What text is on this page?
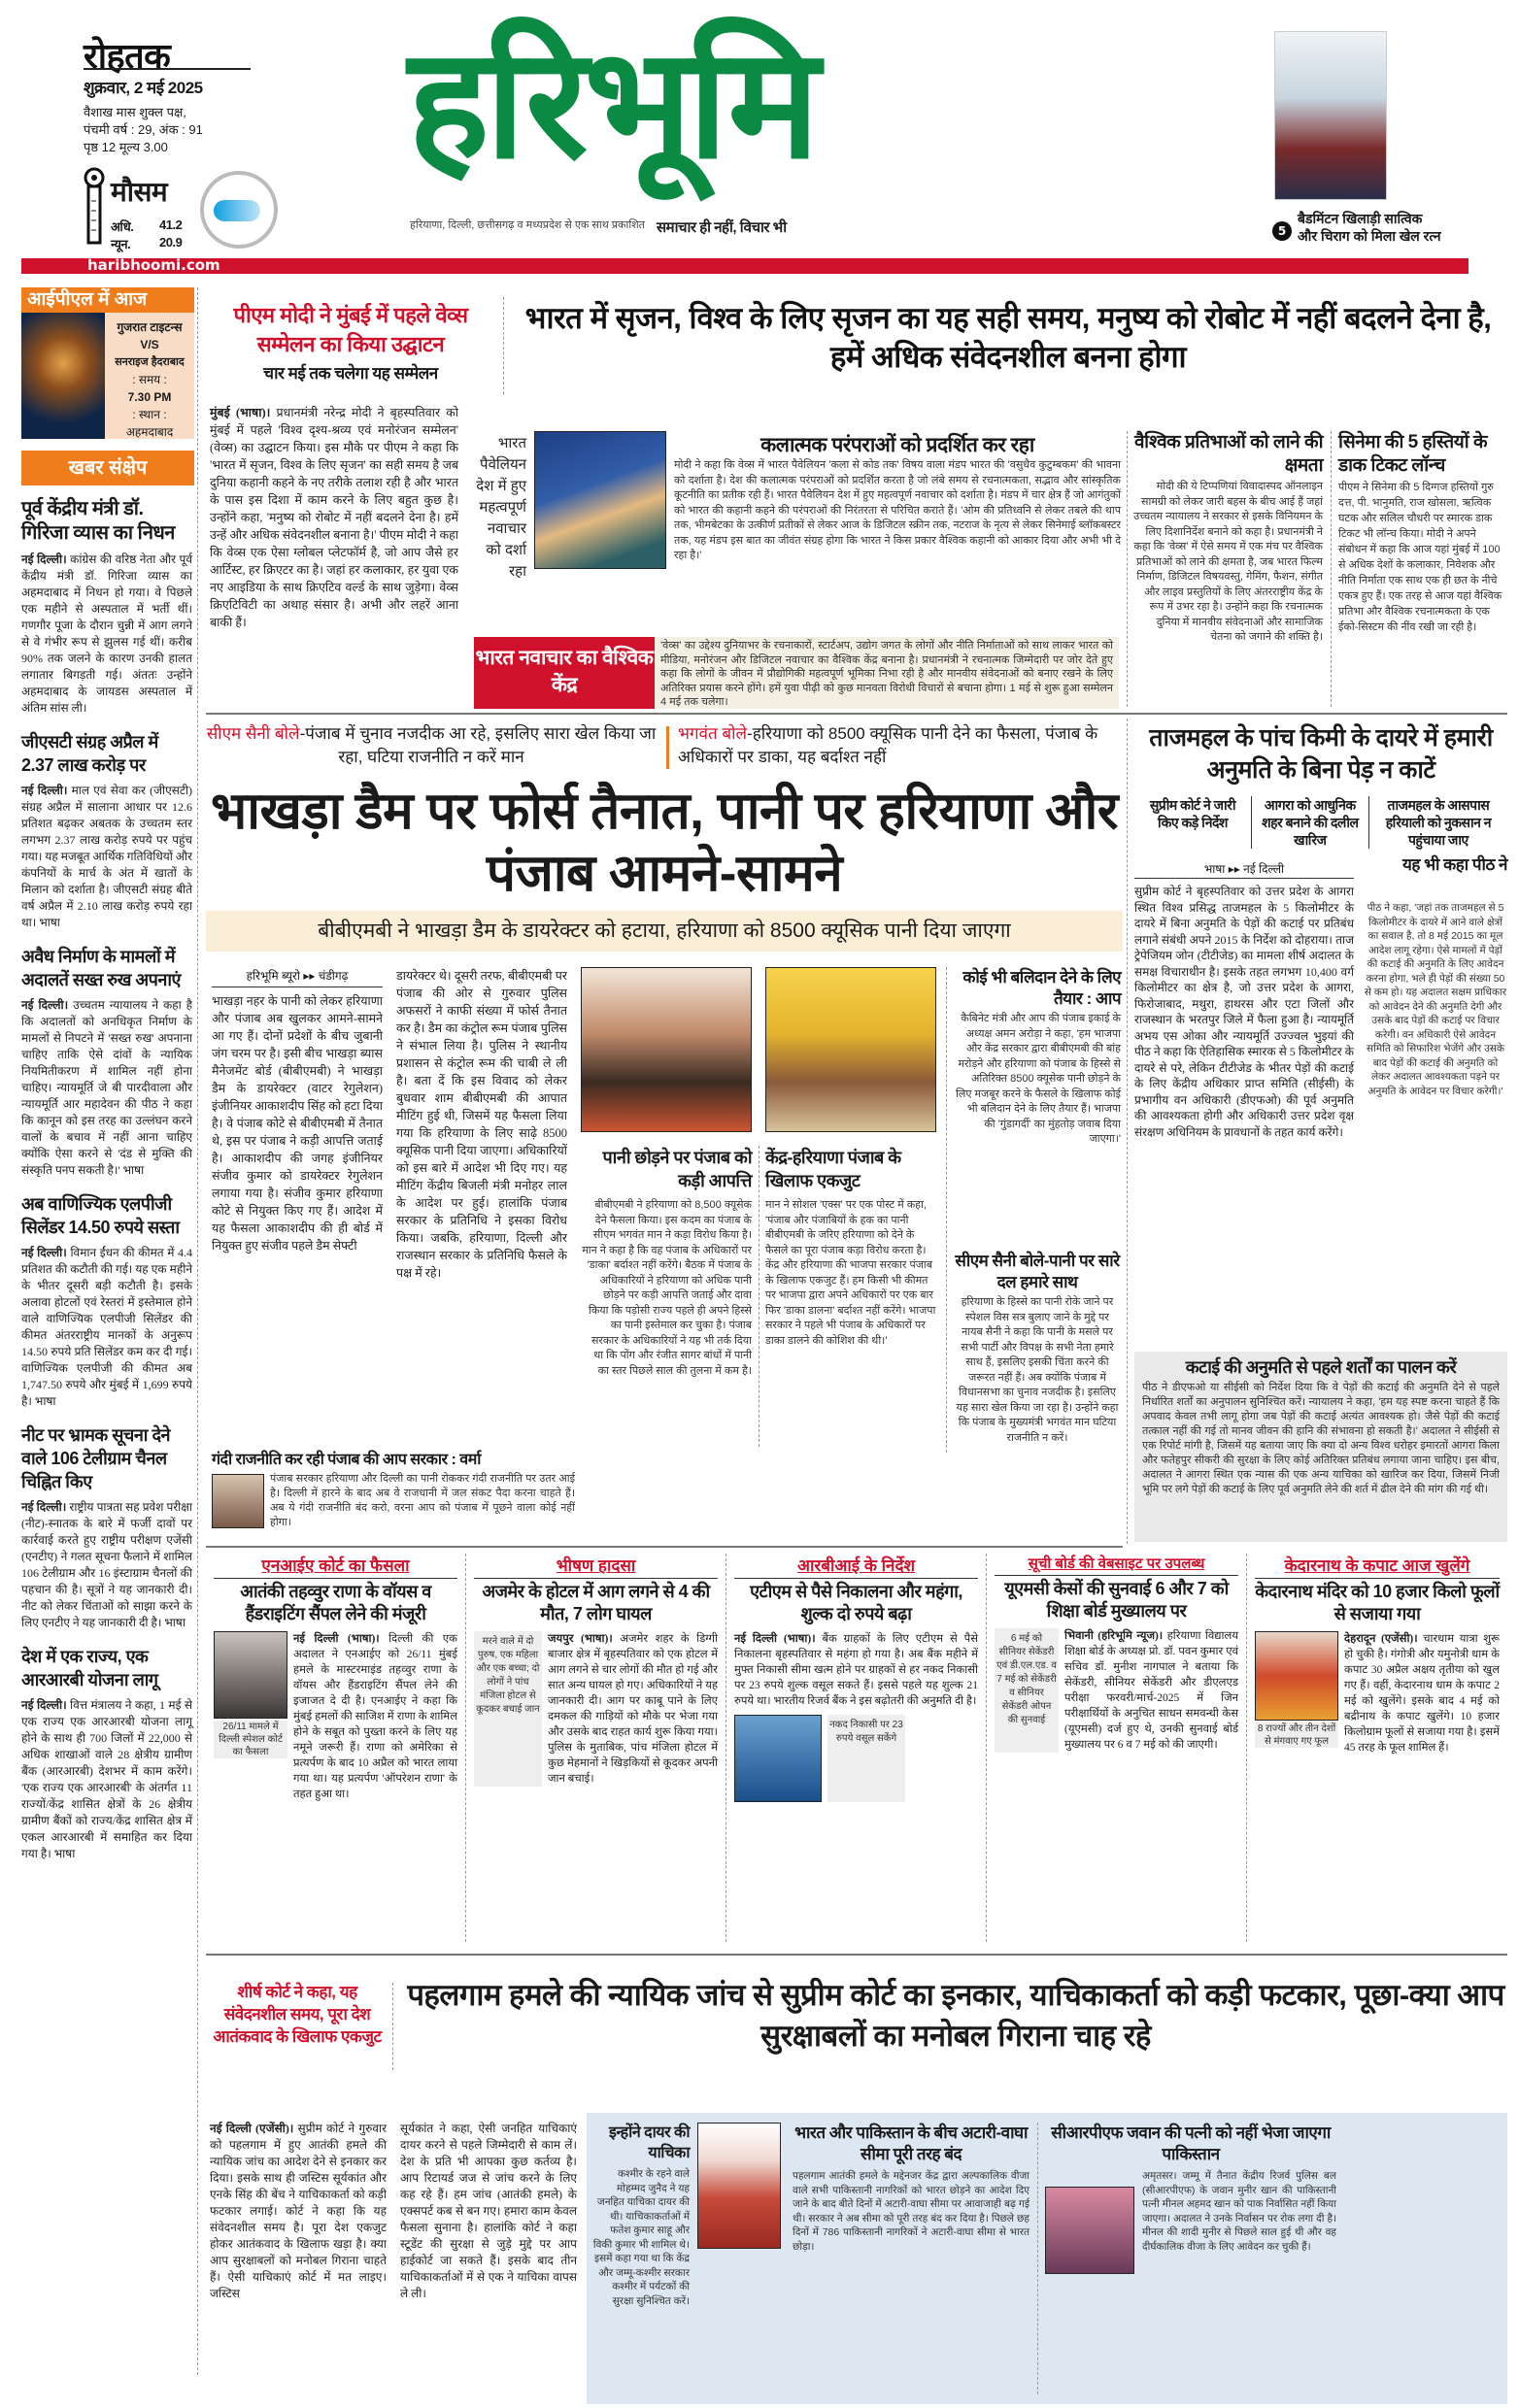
रोहतक
शुक्रवार, 2 मई 2025
वैशाख मास शुक्ल पक्ष,
पंचमी वर्ष : 29, अंक : 91
पृष्ठ 12 मूल्य 3.00
मौसम
अधि. 41.2
न्यून. 20.9
haribhoomi.com
हरिभूमि
हरियाणा, दिल्ली, छत्तीसगढ़ व मध्यप्रदेश से एक साथ प्रकाशित समाचार ही नहीं, विचार भी	5
बैडमिंटन खिलाड़ी सात्विक और चिराग को मिला खेल रत्न
आईपीएल में आज
गुजरात टाइटन्स
V/S
सनराइज हैदराबाद
: समय :
7.30 PM
: स्थान :
अहमदाबाद
खबर संक्षेप
पूर्व केंद्रीय मंत्री डॉ. गिरिजा व्यास का निधन
नई दिल्ली। कांग्रेस की वरिष्ठ नेता और पूर्व केंद्रीय मंत्री डॉ. गिरिजा व्यास का अहमदाबाद में निधन हो गया। वे पिछले एक महीने से अस्पताल में भर्ती थीं। गणगौर पूजा के दौरान चुन्नी में आग लगने से वे गंभीर रूप से झुलस गई थीं। करीब 90% तक जलने के कारण उनकी हालत लगातार बिगड़ती गई। अंततः उन्होंने अहमदाबाद के जायडस अस्पताल में अंतिम सांस ली।
जीएसटी संग्रह अप्रैल में 2.37 लाख करोड़ पर
नई दिल्ली। माल एवं सेवा कर (जीएसटी) संग्रह अप्रैल में सालाना आधार पर 12.6 प्रतिशत बढ़कर अबतक के उच्चतम स्तर लगभग 2.37 लाख करोड़ रुपये पर पहुंच गया। यह मजबूत आर्थिक गतिविधियों और कंपनियों के मार्च के अंत में खातों के मिलान को दर्शाता है। जीएसटी संग्रह बीते वर्ष अप्रैल में 2.10 लाख करोड़ रुपये रहा था। भाषा
अवैध निर्माण के मामलों में अदालतें सख्त रुख अपनाएं
नई दिल्ली। उच्चतम न्यायालय ने कहा है कि अदालतों को अनधिकृत निर्माण के मामलों से निपटने में 'सख्त रुख' अपनाना चाहिए ताकि ऐसे दांवों के न्यायिक नियमितीकरण में शामिल नहीं होना चाहिए। न्यायमूर्ति जे बी पारदीवाला और न्यायमूर्ति आर महादेवन की पीठ ने कहा कि कानून को इस तरह का उल्लंघन करने वालों के बचाव में नहीं आना चाहिए क्योंकि ऐसा करने से 'दंड से मुक्ति की संस्कृति पनप सकती है।' भाषा
अब वाणिज्यिक एलपीजी सिलेंडर 14.50 रुपये सस्ता
नई दिल्ली। विमान ईंधन की कीमत में 4.4 प्रतिशत की कटौती की गई। यह एक महीने के भीतर दूसरी बड़ी कटौती है। इसके अलावा होटलों एवं रेस्तरां में इस्तेमाल होने वाले वाणिज्यिक एलपीजी सिलेंडर की कीमत अंतरराष्ट्रीय मानकों के अनुरूप 14.50 रुपये प्रति सिलेंडर कम कर दी गई। वाणिज्यिक एलपीजी की कीमत अब 1,747.50 रुपये और मुंबई में 1,699 रुपये है। भाषा
नीट पर भ्रामक सूचना देने वाले 106 टेलीग्राम चैनल चिह्नित किए
नई दिल्ली। राष्ट्रीय पात्रता सह प्रवेश परीक्षा (नीट)-स्नातक के बारे में फर्जी दावों पर कार्रवाई करते हुए राष्ट्रीय परीक्षण एजेंसी (एनटीए) ने गलत सूचना फैलाने में शामिल 106 टेलीग्राम और 16 इंस्टाग्राम चैनलों की पहचान की है। सूत्रों ने यह जानकारी दी। नीट को लेकर चिंताओं को साझा करने के लिए एनटीए ने यह जानकारी दी है। भाषा
देश में एक राज्य, एक आरआरबी योजना लागू
नई दिल्ली। वित्त मंत्रालय ने कहा, 1 मई से एक राज्य एक आरआरबी योजना लागू होने के साथ ही 700 जिलों में 22,000 से अधिक शाखाओं वाले 28 क्षेत्रीय ग्रामीण बैंक (आरआरबी) देशभर में काम करेंगे। 'एक राज्य एक आरआरबी' के अंतर्गत 11 राज्यों/केंद्र शासित क्षेत्रों के 26 क्षेत्रीय ग्रामीण बैंकों को राज्य/केंद्र शासित क्षेत्र में एकल आरआरबी में समाहित कर दिया गया है। भाषा
पीएम मोदी ने मुंबई में पहले वेव्स सम्मेलन का किया उद्घाटन
चार मई तक चलेगा यह सम्मेलन
मुंबई (भाषा)। प्रधानमंत्री नरेन्द्र मोदी ने बृहस्पतिवार को मुंबई में पहले 'विश्व दृश्य-श्रव्य एवं मनोरंजन सम्मेलन' (वेव्स) का उद्घाटन किया। इस मौके पर पीएम ने कहा कि 'भारत में सृजन, विश्व के लिए सृजन' का सही समय है जब दुनिया कहानी कहने के नए तरीके तलाश रही है और भारत के पास इस दिशा में काम करने के लिए बहुत कुछ है। उन्होंने कहा, 'मनुष्य को रोबोट में नहीं बदलने देना है। हमें उन्हें और अधिक संवेदनशील बनाना है।' पीएम मोदी ने कहा कि वेव्स एक ऐसा ग्लोबल प्लेटफॉर्म है, जो आप जैसे हर आर्टिस्ट, हर क्रिएटर का है। जहां हर कलाकार, हर युवा एक नए आइडिया के साथ क्रिएटिव वर्ल्ड के साथ जुड़ेगा। वेव्स क्रिएटिविटी का अथाह संसार है। अभी और लहरें आना बाकी हैं।
भारत में सृजन, विश्व के लिए सृजन का यह सही समय, मनुष्य को रोबोट में नहीं बदलने देना है, हमें अधिक संवेदनशील बनना होगा
भारत पैवेलियन देश में हुए महत्वपूर्ण नवाचार को दर्शा रहा
कलात्मक परंपराओं को प्रदर्शित कर रहा
मोदी ने कहा कि वेव्स में भारत पैवेलियन 'कला से कोड तक' विषय वाला मंडप भारत की 'वसुधैव कुटुम्बकम' की भावना को दर्शाता है। देश की कलात्मक परंपराओं को प्रदर्शित करता है जो लंबे समय से रचनात्मकता, सद्भाव और सांस्कृतिक कूटनीति का प्रतीक रही हैं। भारत पैवेलियन देश में हुए महत्वपूर्ण नवाचार को दर्शाता है। मंडप में चार क्षेत्र हैं जो आगंतुकों को भारत की कहानी कहने की परंपराओं की निरंतरता से परिचित कराते हैं। 'ओम की प्रतिध्वनि से लेकर तबले की थाप तक, भीमबेटका के उत्कीर्ण प्रतीकों से लेकर आज के डिजिटल स्क्रीन तक, नटराज के नृत्य से लेकर सिनेमाई ब्लॉकबस्टर तक, यह मंडप इस बात का जीवंत संग्रह होगा कि भारत ने किस प्रकार वैश्विक कहानी को आकार दिया और अभी भी दे रहा है।'
भारत नवाचार का वैश्विक केंद्र
'वेव्स' का उद्देश्य दुनियाभर के रचनाकारों, स्टार्टअप, उद्योग जगत के लोगों और नीति निर्माताओं को साथ लाकर भारत को मीडिया, मनोरंजन और डिजिटल नवाचार का वैश्विक केंद्र बनाना है। प्रधानमंत्री ने रचनात्मक जिम्मेदारी पर जोर देते हुए कहा कि लोगों के जीवन में प्रौद्योगिकी महत्वपूर्ण भूमिका निभा रही है और मानवीय संवेदनाओं को बनाए रखने के लिए अतिरिक्त प्रयास करने होंगे। हमें युवा पीढ़ी को कुछ मानवता विरोधी विचारों से बचाना होगा। 1 मई से शुरू हुआ सम्मेलन 4 मई तक चलेगा।
वैश्विक प्रतिभाओं को लाने की क्षमता
मोदी की ये टिप्पणियां विवादास्पद ऑनलाइन सामग्री को लेकर जारी बहस के बीच आई हैं जहां उच्चतम न्यायालय ने सरकार से इसके विनियमन के लिए दिशानिर्देश बनाने को कहा है। प्रधानमंत्री ने कहा कि 'वेव्स' में ऐसे समय में एक मंच पर वैश्विक प्रतिभाओं को लाने की क्षमता है, जब भारत फिल्म निर्माण, डिजिटल विषयवस्तु, गेमिंग, फैशन, संगीत और लाइव प्रस्तुतियों के लिए अंतरराष्ट्रीय केंद्र के रूप में उभर रहा है। उन्होंने कहा कि रचनात्मक दुनिया में मानवीय संवेदनाओं और सामाजिक चेतना को जगाने की शक्ति है।
सिनेमा की 5 हस्तियों के डाक टिकट लॉन्च
पीएम ने सिनेमा की 5 दिग्गज हस्तियों गुरु दत्त, पी. भानुमति, राज खोसला, ऋत्विक घटक और सलिल चौधरी पर स्मारक डाक टिकट भी लॉन्च किया। मोदी ने अपने संबोधन में कहा कि आज यहां मुंबई में 100 से अधिक देशों के कलाकार, निवेशक और नीति निर्माता एक साथ एक ही छत के नीचे एकत्र हुए हैं। एक तरह से आज यहां वैश्विक प्रतिभा और वैश्विक रचनात्मकता के एक ईको-सिस्टम की नींव रखी जा रही है।
सीएम सैनी बोले-पंजाब में चुनाव नजदीक आ रहे, इसलिए सारा खेल किया जा रहा, घटिया राजनीति न करें मान
भगवंत बोले-हरियाणा को 8500 क्यूसिक पानी देने का फैसला, पंजाब के अधिकारों पर डाका, यह बर्दाश्त नहीं
भाखड़ा डैम पर फोर्स तैनात, पानी पर हरियाणा और पंजाब आमने-सामने
बीबीएमबी ने भाखड़ा डैम के डायरेक्टर को हटाया, हरियाणा को 8500 क्यूसिक पानी दिया जाएगा
हरिभूमि ब्यूरो ▸▸ चंडीगढ़
भाखड़ा नहर के पानी को लेकर हरियाणा और पंजाब अब खुलकर आमने-सामने आ गए हैं। दोनों प्रदेशों के बीच जुबानी जंग चरम पर है। इसी बीच भाखड़ा ब्यास मैनेजमेंट बोर्ड (बीबीएमबी) ने भाखड़ा डैम के डायरेक्टर (वाटर रेगुलेशन) इंजीनियर आकाशदीप सिंह को हटा दिया है। वे पंजाब कोटे से बीबीएमबी में तैनात थे, इस पर पंजाब ने कड़ी आपत्ति जताई है। आकाशदीप की जगह इंजीनियर संजीव कुमार को डायरेक्टर रेगुलेशन लगाया गया है। संजीव कुमार हरियाणा कोटे से नियुक्त किए गए हैं। आदेश में यह फैसला आकाशदीप की ही बोर्ड में नियुक्त हुए संजीव पहले डैम सेफ्टी
डायरेक्टर थे। दूसरी तरफ, बीबीएमबी पर पंजाब की ओर से गुरुवार पुलिस अफसरों ने काफी संख्या में फोर्स तैनात कर है। डैम का कंट्रोल रूम पंजाब पुलिस ने संभाल लिया है। पुलिस ने स्थानीय प्रशासन से कंट्रोल रूम की चाबी ले ली है। बता दें कि इस विवाद को लेकर बुधवार शाम बीबीएमबी की आपात मीटिंग हुई थी, जिसमें यह फैसला लिया गया कि हरियाणा के लिए साढ़े 8500 क्यूसिक पानी दिया जाएगा। अधिकारियों को इस बारे में आदेश भी दिए गए। यह मीटिंग केंद्रीय बिजली मंत्री मनोहर लाल के आदेश पर हुई। हालांकि पंजाब सरकार के प्रतिनिधि ने इसका विरोध किया। जबकि, हरियाणा, दिल्ली और राजस्थान सरकार के प्रतिनिधि फैसले के पक्ष में रहे।
पानी छोड़ने पर पंजाब को कड़ी आपत्ति
बीबीएमबी ने हरियाणा को 8,500 क्यूसेक देने फैसला किया। इस कदम का पंजाब के सीएम भगवंत मान ने कड़ा विरोध किया है। मान ने कहा है कि वह पंजाब के अधिकारों पर 'डाका' बर्दाश्त नहीं करेंगे। बैठक में पंजाब के अधिकारियों ने हरियाणा को अधिक पानी छोड़ने पर कड़ी आपत्ति जताई और दावा किया कि पड़ोसी राज्य पहले ही अपने हिस्से का पानी इस्तेमाल कर चुका है। पंजाब सरकार के अधिकारियों ने यह भी तर्क दिया था कि पोंग और रंजीत सागर बांधों में पानी का स्तर पिछले साल की तुलना में कम है।
केंद्र-हरियाणा पंजाब के खिलाफ एकजुट
मान ने सोशल 'एक्स' पर एक पोस्ट में कहा, 'पंजाब और पंजाबियों के हक का पानी बीबीएमबी के जरिए हरियाणा को देने के फैसले का पूरा पंजाब कड़ा विरोध करता है। केंद्र और हरियाणा की भाजपा सरकार पंजाब के खिलाफ एकजुट हैं। हम किसी भी कीमत पर भाजपा द्वारा अपने अधिकारों पर एक बार फिर 'डाका डालना' बर्दाश्त नहीं करेंगे। भाजपा सरकार ने पहले भी पंजाब के अधिकारों पर डाका डालने की कोशिश की थी।'
कोई भी बलिदान देने के लिए तैयार : आप
कैबिनेट मंत्री और आप की पंजाब इकाई के अध्यक्ष अमन अरोड़ा ने कहा, 'हम भाजपा और केंद्र सरकार द्वारा बीबीएमबी की बांह मरोड़ने और हरियाणा को पंजाब के हिस्से से अतिरिक्त 8500 क्यूसेक पानी छोड़ने के लिए मजबूर करने के फैसले के खिलाफ कोई भी बलिदान देने के लिए तैयार हैं। भाजपा की 'गुंडागर्दी' का मुंहतोड़ जवाब दिया जाएगा।'
सीएम सैनी बोले-पानी पर सारे दल हमारे साथ
हरियाणा के हिस्से का पानी रोके जाने पर स्पेशल विस सत्र बुलाए जाने के मुद्दे पर नायब सैनी ने कहा कि पानी के मसले पर सभी पार्टी और विपक्ष के सभी नेता हमारे साथ हैं, इसलिए इसकी चिंता करने की जरूरत नहीं हैं। अब क्योंकि पंजाब में विधानसभा का चुनाव नजदीक है। इसलिए यह सारा खेल किया जा रहा है। उन्होंने कहा कि पंजाब के मुख्यमंत्री भगवंत मान घटिया राजनीति न करें।
गंदी राजनीति कर रही पंजाब की आप सरकार : वर्मा
पंजाब सरकार हरियाणा और दिल्ली का पानी रोककर गंदी राजनीति पर उतर आई है। दिल्ली में हारने के बाद अब वे राजधानी में जल संकट पैदा करना चाहते हैं। अब ये गंदी राजनीति बंद करो, वरना आप को पंजाब में पूछने वाला कोई नहीं होगा।
ताजमहल के पांच किमी के दायरे में हमारी अनुमति के बिना पेड़ न काटें
सुप्रीम कोर्ट ने जारी किए कड़े निर्देश
आगरा को आधुनिक शहर बनाने की दलील खारिज
ताजमहल के आसपास हरियाली को नुकसान न पहुंचाया जाए
भाषा ▸▸ नई दिल्ली
सुप्रीम कोर्ट ने बृहस्पतिवार को उत्तर प्रदेश के आगरा स्थित विश्व प्रसिद्ध ताजमहल के 5 किलोमीटर के दायरे में बिना अनुमति के पेड़ों की कटाई पर प्रतिबंध लगाने संबंधी अपने 2015 के निर्देश को दोहराया। ताज ट्रेपेजियम जोन (टीटीजेड) का मामला शीर्ष अदालत के समक्ष विचाराधीन है। इसके तहत लगभग 10,400 वर्ग किलोमीटर का क्षेत्र है, जो उत्तर प्रदेश के आगरा, फिरोजाबाद, मथुरा, हाथरस और एटा जिलों और राजस्थान के भरतपुर जिले में फैला हुआ है। न्यायमूर्ति अभय एस ओका और न्यायमूर्ति उज्ज्वल भुइयां की पीठ ने कहा कि ऐतिहासिक स्मारक से 5 किलोमीटर के दायरे से परे, लेकिन टीटीजेड के भीतर पेड़ों की कटाई के लिए केंद्रीय अधिकार प्राप्त समिति (सीईसी) के प्रभागीय वन अधिकारी (डीएफओ) की पूर्व अनुमति की आवश्यकता होगी और अधिकारी उत्तर प्रदेश वृक्ष संरक्षण अधिनियम के प्रावधानों के तहत कार्य करेंगे।
यह भी कहा पीठ ने
पीठ ने कहा, 'जहां तक ताजमहल से 5 किलोमीटर के दायरे में आने वाले क्षेत्रों का सवाल है, तो 8 मई 2015 का मूल आदेश लागू रहेगा। ऐसे मामलों में पेड़ों की कटाई की अनुमति के लिए आवेदन करना होगा, भले ही पेड़ों की संख्या 50 से कम हो। यह अदालत सक्षम प्राधिकार को आवेदन देने की अनुमति देगी और उसके बाद पेड़ों की कटाई पर विचार करेगी। वन अधिकारी ऐसे आवेदन समिति को सिफारिश भेजेंगे और उसके बाद पेड़ों की कटाई की अनुमति को लेकर अदालत आवश्यकता पड़ने पर अनुमति के आवेदन पर विचार करेगी।'
कटाई की अनुमति से पहले शर्तों का पालन करें
पीठ ने डीएफओ या सीईसी को निर्देश दिया कि वे पेड़ों की कटाई की अनुमति देने से पहले निर्धारित शर्तों का अनुपालन सुनिश्चित करें। न्यायालय ने कहा, 'हम यह स्पष्ट करना चाहते हैं कि अपवाद केवल तभी लागू होगा जब पेड़ों की कटाई अत्यंत आवश्यक हो। जैसे पेड़ों की कटाई तत्काल नहीं की गई तो मानव जीवन की हानि की संभावना हो सकती है।' अदालत ने सीईसी से एक रिपोर्ट मांगी है, जिसमें यह बताया जाए कि क्या दो अन्य विश्व धरोहर इमारतों आगरा किला और फतेहपुर सीकरी की सुरक्षा के लिए कोई अतिरिक्त प्रतिबंध लगाया जाना चाहिए। इस बीच, अदालत ने आगरा स्थित एक न्यास की एक अन्य याचिका को खारिज कर दिया, जिसमें निजी भूमि पर लगे पेड़ों की कटाई के लिए पूर्व अनुमति लेने की शर्त में ढील देने की मांग की गई थी।
एनआईए कोर्ट का फैसला
आतंकी तहव्वुर राणा के वॉयस व हैंडराइटिंग सैंपल लेने की मंजूरी
26/11 मामले में दिल्ली स्पेशल कोर्ट का फैसला
नई दिल्ली (भाषा)। दिल्ली की एक अदालत ने एनआईए को 26/11 मुंबई हमले के मास्टरमाइंड तहव्वुर राणा के वॉयस और हैंडराइटिंग सैंपल लेने की इजाजत दे दी है। एनआईए ने कहा कि मुंबई हमलों की साजिश में राणा के शामिल होने के सबूत को पुख्ता करने के लिए यह नमूने जरूरी हैं। राणा को अमेरिका से प्रत्यर्पण के बाद 10 अप्रैल को भारत लाया गया था। यह प्रत्यर्पण 'ऑपरेशन राणा' के तहत हुआ था।
भीषण हादसा
अजमेर के होटल में आग लगने से 4 की मौत, 7 लोग घायल
मरने वाले में दो पुरुष, एक महिला और एक बच्चा; दो लोगों ने पांच मंजिला होटल से कूदकर बचाई जान
जयपुर (भाषा)। अजमेर शहर के डिग्गी बाजार क्षेत्र में बृहस्पतिवार को एक होटल में आग लगने से चार लोगों की मौत हो गई और सात अन्य घायल हो गए। अधिकारियों ने यह जानकारी दी। आग पर काबू पाने के लिए दमकल की गाड़ियों को मौके पर भेजा गया और उसके बाद राहत कार्य शुरू किया गया। पुलिस के मुताबिक, पांच मंजिला होटल में कुछ मेहमानों ने खिड़कियों से कूदकर अपनी जान बचाई।
आरबीआई के निर्देश
एटीएम से पैसे निकालना और महंगा, शुल्क दो रुपये बढ़ा
नई दिल्ली (भाषा)। बैंक ग्राहकों के लिए एटीएम से पैसे निकालना बृहस्पतिवार से महंगा हो गया है। अब बैंक महीने में मुफ्त निकासी सीमा खत्म होने पर ग्राहकों से हर नकद निकासी पर 23 रुपये शुल्क वसूल सकते हैं। इससे पहले यह शुल्क 21 रुपये था। भारतीय रिजर्व बैंक ने इस बढ़ोतरी की अनुमति दी है।
नकद निकासी पर 23 रुपये वसूल सकेंगे
सूची बोर्ड की वेबसाइट पर उपलब्ध
यूएमसी केसों की सुनवाई 6 और 7 को शिक्षा बोर्ड मुख्यालय पर
6 मई को सीनियर सेकेंडरी एवं डी.एल.एड. व 7 मई को सेकेंडरी व सीनियर सेकेंडरी ओपन की सुनवाई
भिवानी (हरिभूमि न्यूज)। हरियाणा विद्यालय शिक्षा बोर्ड के अध्यक्ष प्रो. डॉ. पवन कुमार एवं सचिव डॉ. मुनीश नागपाल ने बताया कि सेकेंडरी, सीनियर सेकेंडरी और डीएलएड परीक्षा फरवरी/मार्च-2025 में जिन परीक्षार्थियों के अनुचित साधन समवन्धी केस (यूएमसी) दर्ज हुए थे, उनकी सुनवाई बोर्ड मुख्यालय पर 6 व 7 मई को की जाएगी।
केदारनाथ के कपाट आज खुलेंगे
केदारनाथ मंदिर को 10 हजार किलो फूलों से सजाया गया
8 राज्यों और तीन देशों से मंगवाए गए फूल
देहरादून (एजेंसी)। चारधाम यात्रा शुरू हो चुकी है। गंगोत्री और यमुनोत्री धाम के कपाट 30 अप्रैल अक्षय तृतीया को खुल गए हैं। वहीं, केदारनाथ धाम के कपाट 2 मई को खुलेंगे। इसके बाद 4 मई को बद्रीनाथ के कपाट खुलेंगे। 10 हजार किलोग्राम फूलों से सजाया गया है। इसमें 45 तरह के फूल शामिल हैं।
शीर्ष कोर्ट ने कहा, यह संवेदनशील समय, पूरा देश आतंकवाद के खिलाफ एकजुट
पहलगाम हमले की न्यायिक जांच से सुप्रीम कोर्ट का इनकार, याचिकाकर्ता को कड़ी फटकार, पूछा-क्या आप सुरक्षाबलों का मनोबल गिराना चाह रहे
नई दिल्ली (एजेंसी)। सुप्रीम कोर्ट ने गुरुवार को पहलगाम में हुए आतंकी हमले की न्यायिक जांच का आदेश देने से इनकार कर दिया। इसके साथ ही जस्टिस सूर्यकांत और एनके सिंह की बेंच ने याचिकाकर्ता को कड़ी फटकार लगाई। कोर्ट ने कहा कि यह संवेदनशील समय है। पूरा देश एकजुट होकर आतंकवाद के खिलाफ खड़ा है। क्या आप सुरक्षाबलों को मनोबल गिराना चाहते हैं। ऐसी याचिकाएं कोर्ट में मत लाइए। जस्टिस
सूर्यकांत ने कहा, ऐसी जनहित याचिकाएं दायर करने से पहले जिम्मेदारी से काम लें। देश के प्रति भी आपका कुछ कर्तव्य है। आप रिटायर्ड जज से जांच करने के लिए कह रहे हैं। हम जांच (आतंकी हमले) के एक्सपर्ट कब से बन गए। हमारा काम केवल फैसला सुनाना है। हालांकि कोर्ट ने कहा स्टूडेंट की सुरक्षा से जुड़े मुद्दे पर आप हाईकोर्ट जा सकते हैं। इसके बाद तीन याचिकाकर्ताओं में से एक ने याचिका वापस ले ली।
इन्होंने दायर की याचिका
कश्मीर के रहने वाले मोहम्मद जुनैद ने यह जनहित याचिका दायर की थी। याचिकाकर्ताओं में फतेश कुमार साहू और विकी कुमार भी शामिल थे। इसमें कहा गया था कि केंद्र और जम्मू-कश्मीर सरकार कश्मीर में पर्यटकों की सुरक्षा सुनिश्चित करें।
भारत और पाकिस्तान के बीच अटारी-वाघा सीमा पूरी तरह बंद
पहलगाम आतंकी हमले के मद्देनजर केंद्र द्वारा अल्पकालिक वीजा वाले सभी पाकिस्तानी नागरिकों को भारत छोड़ने का आदेश दिए जाने के बाद बीते दिनों में अटारी-वाघा सीमा पर आवाजाही बढ़ गई थी। सरकार ने अब सीमा को पूरी तरह बंद कर दिया है। पिछले छह दिनों में 786 पाकिस्तानी नागरिकों ने अटारी-वाघा सीमा से भारत छोड़ा।
सीआरपीएफ जवान की पत्नी को नहीं भेजा जाएगा पाकिस्तान
अमृतसर। जम्मू में तैनात केंद्रीय रिजर्व पुलिस बल (सीआरपीएफ) के जवान मुनीर खान की पाकिस्तानी पत्नी मीनल अहमद खान को पाक निर्वासित नहीं किया जाएगा। अदालत ने उनके निर्वासन पर रोक लगा दी है। मीनल की शादी मुनीर से पिछले साल हुई थी और वह दीर्घकालिक वीजा के लिए आवेदन कर चुकी हैं।
